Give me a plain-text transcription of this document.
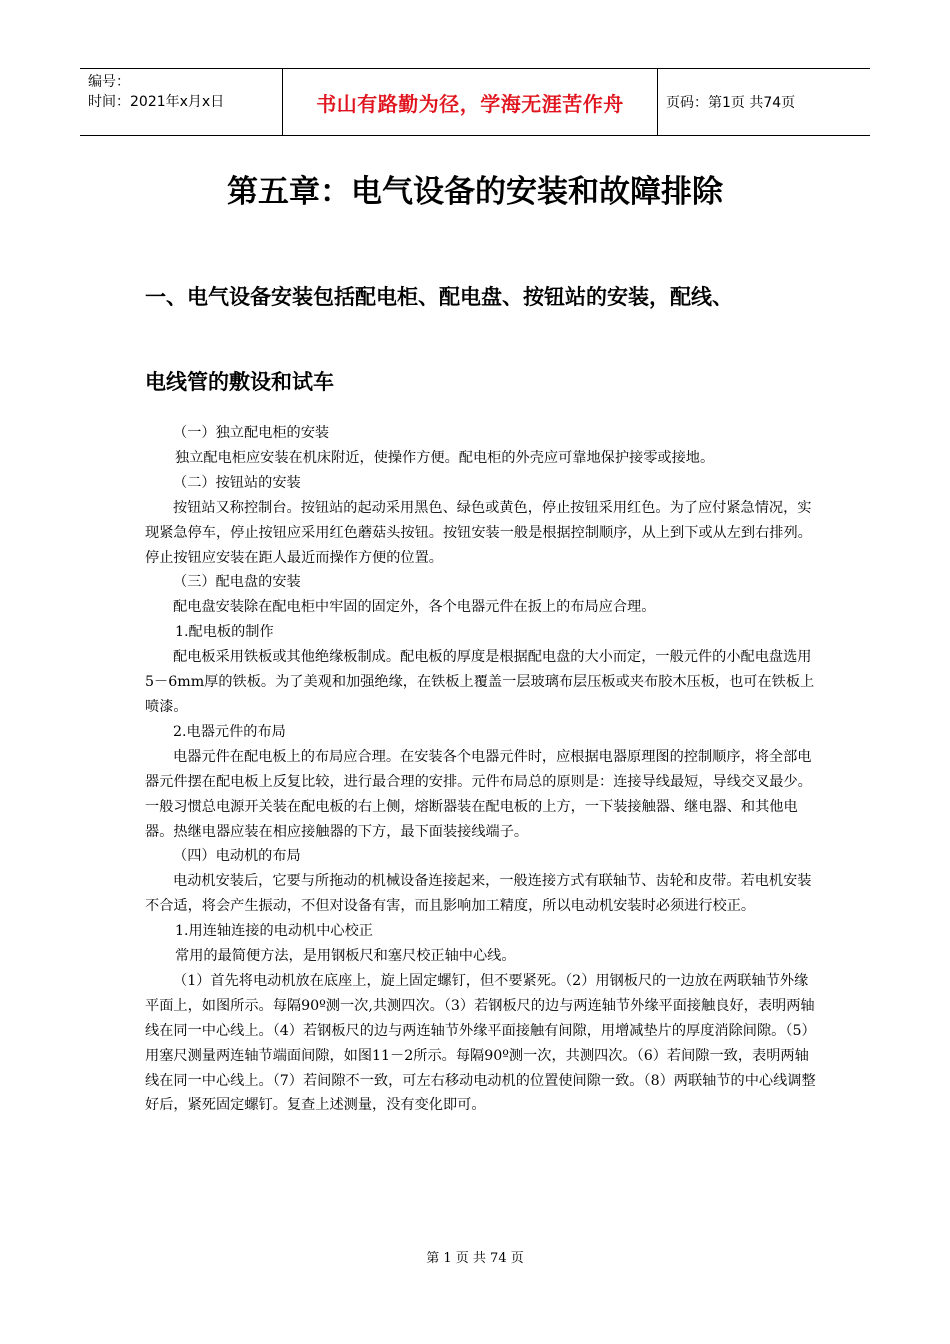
编号：
时间：2021年x月x日	书山有路勤为径，学海无涯苦作舟	页码：第1页 共74页
第五章：电气设备的安装和故障排除
一、电气设备安装包括配电柜、配电盘、按钮站的安装，配线、
电线管的敷设和试车

（一）独立配电柜的安装

独立配电柜应安装在机床附近，使操作方便。配电柜的外壳应可靠地保护接零或接地。

（二）按钮站的安装

按钮站又称控制台。按钮站的起动采用黑色、绿色或黄色，停止按钮采用红色。为了应付紧急情况，实现紧急停车，停止按钮应采用红色蘑菇头按钮。按钮安装一般是根据控制顺序，从上到下或从左到右排列。停止按钮应安装在距人最近而操作方便的位置。

（三）配电盘的安装

配电盘安装除在配电柜中牢固的固定外，各个电器元件在扳上的布局应合理。

1.配电板的制作

配电板采用铁板或其他绝缘板制成。配电板的厚度是根据配电盘的大小而定，一般元件的小配电盘选用5－6mm厚的铁板。为了美观和加强绝缘，在铁板上覆盖一层玻璃布层压板或夹布胶木压板，也可在铁板上喷漆。

2.电器元件的布局

电器元件在配电板上的布局应合理。在安装各个电器元件时，应根据电器原理图的控制顺序，将全部电器元件摆在配电板上反复比较，进行最合理的安排。元件布局总的原则是：连接导线最短，导线交叉最少。一般习惯总电源开关装在配电板的右上侧，熔断器装在配电板的上方，一下装接触器、继电器、和其他电器。热继电器应装在相应接触器的下方，最下面装接线端子。

（四）电动机的布局

电动机安装后，它要与所拖动的机械设备连接起来，一般连接方式有联轴节、齿轮和皮带。若电机安装不合适，将会产生振动，不但对设备有害，而且影响加工精度，所以电动机安装时必须进行校正。

1.用连轴连接的电动机中心校正

常用的最简便方法，是用钢板尺和塞尺校正轴中心线。

（1）首先将电动机放在底座上，旋上固定螺钉，但不要紧死。（2）用钢板尺的一边放在两联轴节外缘平面上，如图所示。每隔90º测一次,共测四次。（3）若钢板尺的边与两连轴节外缘平面接触良好，表明两轴线在同一中心线上。（4）若钢板尺的边与两连轴节外缘平面接触有间隙，用增减垫片的厚度消除间隙。（5）用塞尺测量两连轴节端面间隙，如图11－2所示。每隔90º测一次，共测四次。（6）若间隙一致，表明两轴线在同一中心线上。（7）若间隙不一致，可左右移动电动机的位置使间隙一致。（8）两联轴节的中心线调整好后，紧死固定螺钉。复查上述测量，没有变化即可。

第 1 页 共 74 页
